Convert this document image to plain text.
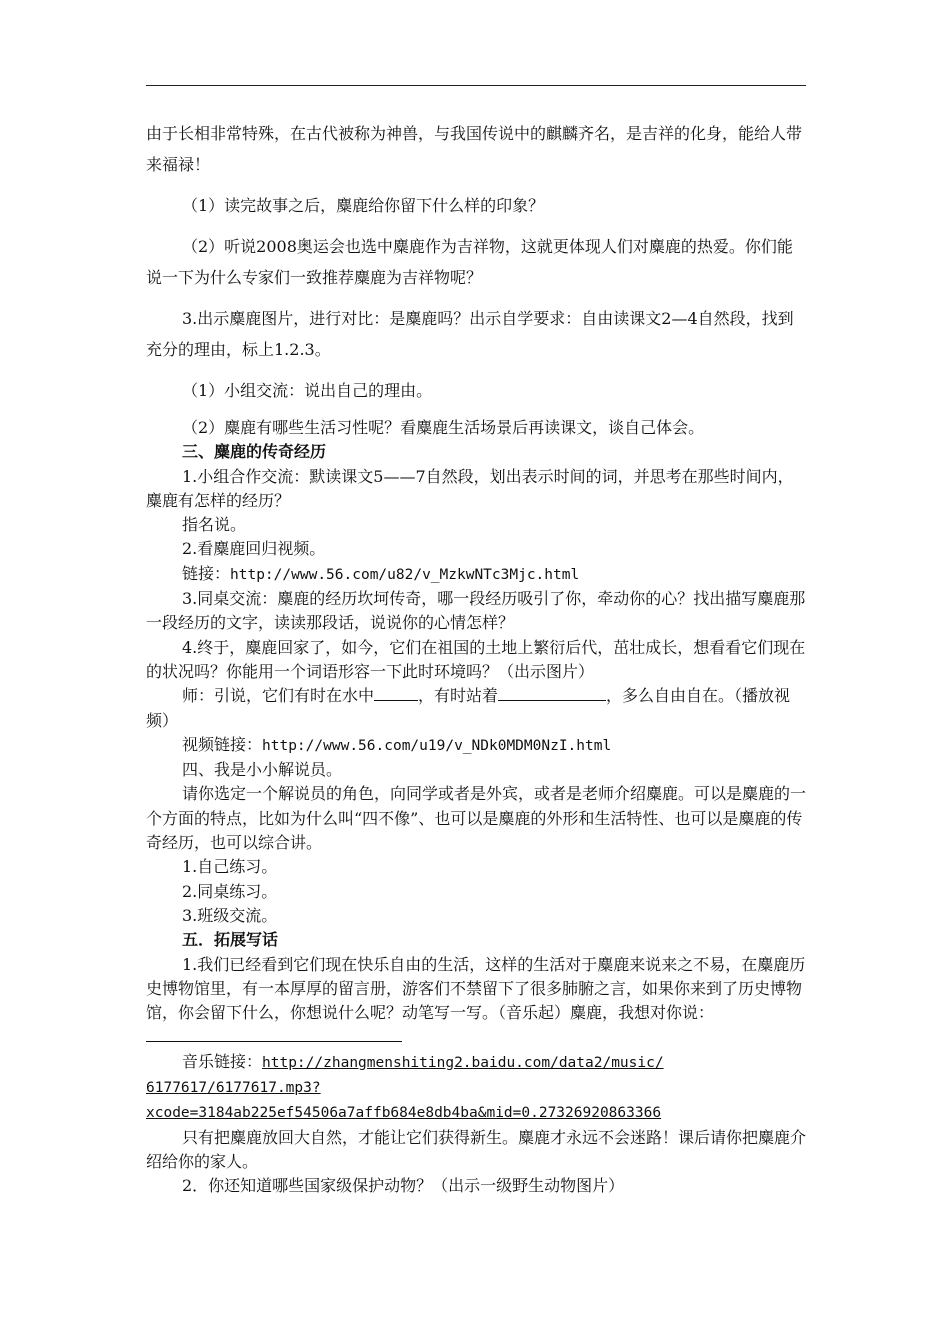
由于长相非常特殊，在古代被称为神兽，与我国传说中的麒麟齐名，是吉祥的化身，能给人带来福禄！

（1）读完故事之后，麋鹿给你留下什么样的印象？

（2）听说2008奥运会也选中麋鹿作为吉祥物，这就更体现人们对麋鹿的热爱。你们能说一下为什么专家们一致推荐麋鹿为吉祥物呢？

3.出示麋鹿图片，进行对比：是麋鹿吗？出示自学要求：自由读课文2—4自然段，找到充分的理由，标上1.2.3。

（1）小组交流：说出自己的理由。

（2）麋鹿有哪些生活习性呢？看麋鹿生活场景后再读课文，谈自己体会。

三、麋鹿的传奇经历

1.小组合作交流：默读课文5——7自然段，划出表示时间的词，并思考在那些时间内，麋鹿有怎样的经历？

指名说。

2.看麋鹿回归视频。

链接：http://www.56.com/u82/v_MzkwNTc3Mjc.html

3.同桌交流：麋鹿的经历坎坷传奇，哪一段经历吸引了你，牵动你的心？找出描写麋鹿那一段经历的文字，读读那段话，说说你的心情怎样？

4.终于，麋鹿回家了，如今，它们在祖国的土地上繁衍后代，茁壮成长，想看看它们现在的状况吗？你能用一个词语形容一下此时环境吗？（出示图片）

师：引说，它们有时在水中	，有时站着	，多么自由自在。（播放视频）

视频链接：http://www.56.com/u19/v_NDk0MDM0NzI.html

四、我是小小解说员。

请你选定一个解说员的角色，向同学或者是外宾，或者是老师介绍麋鹿。可以是麋鹿的一个方面的特点，比如为什么叫“四不像”、也可以是麋鹿的外形和生活特性、也可以是麋鹿的传奇经历，也可以综合讲。

1.自己练习。

2.同桌练习。

3.班级交流。

五．拓展写话

1.我们已经看到它们现在快乐自由的生活，这样的生活对于麋鹿来说来之不易，在麋鹿历史博物馆里，有一本厚厚的留言册，游客们不禁留下了很多肺腑之言，如果你来到了历史博物馆，你会留下什么，你想说什么呢？动笔写一写。（音乐起）麋鹿，我想对你说：

音乐链接：http://zhangmenshiting2.baidu.com/data2/music/

6177617/6177617.mp3?

xcode=3184ab225ef54506a7affb684e8db4ba&mid=0.27326920863366

只有把麋鹿放回大自然，才能让它们获得新生。麋鹿才永远不会迷路！课后请你把麋鹿介绍给你的家人。

2．你还知道哪些国家级保护动物？（出示一级野生动物图片）
